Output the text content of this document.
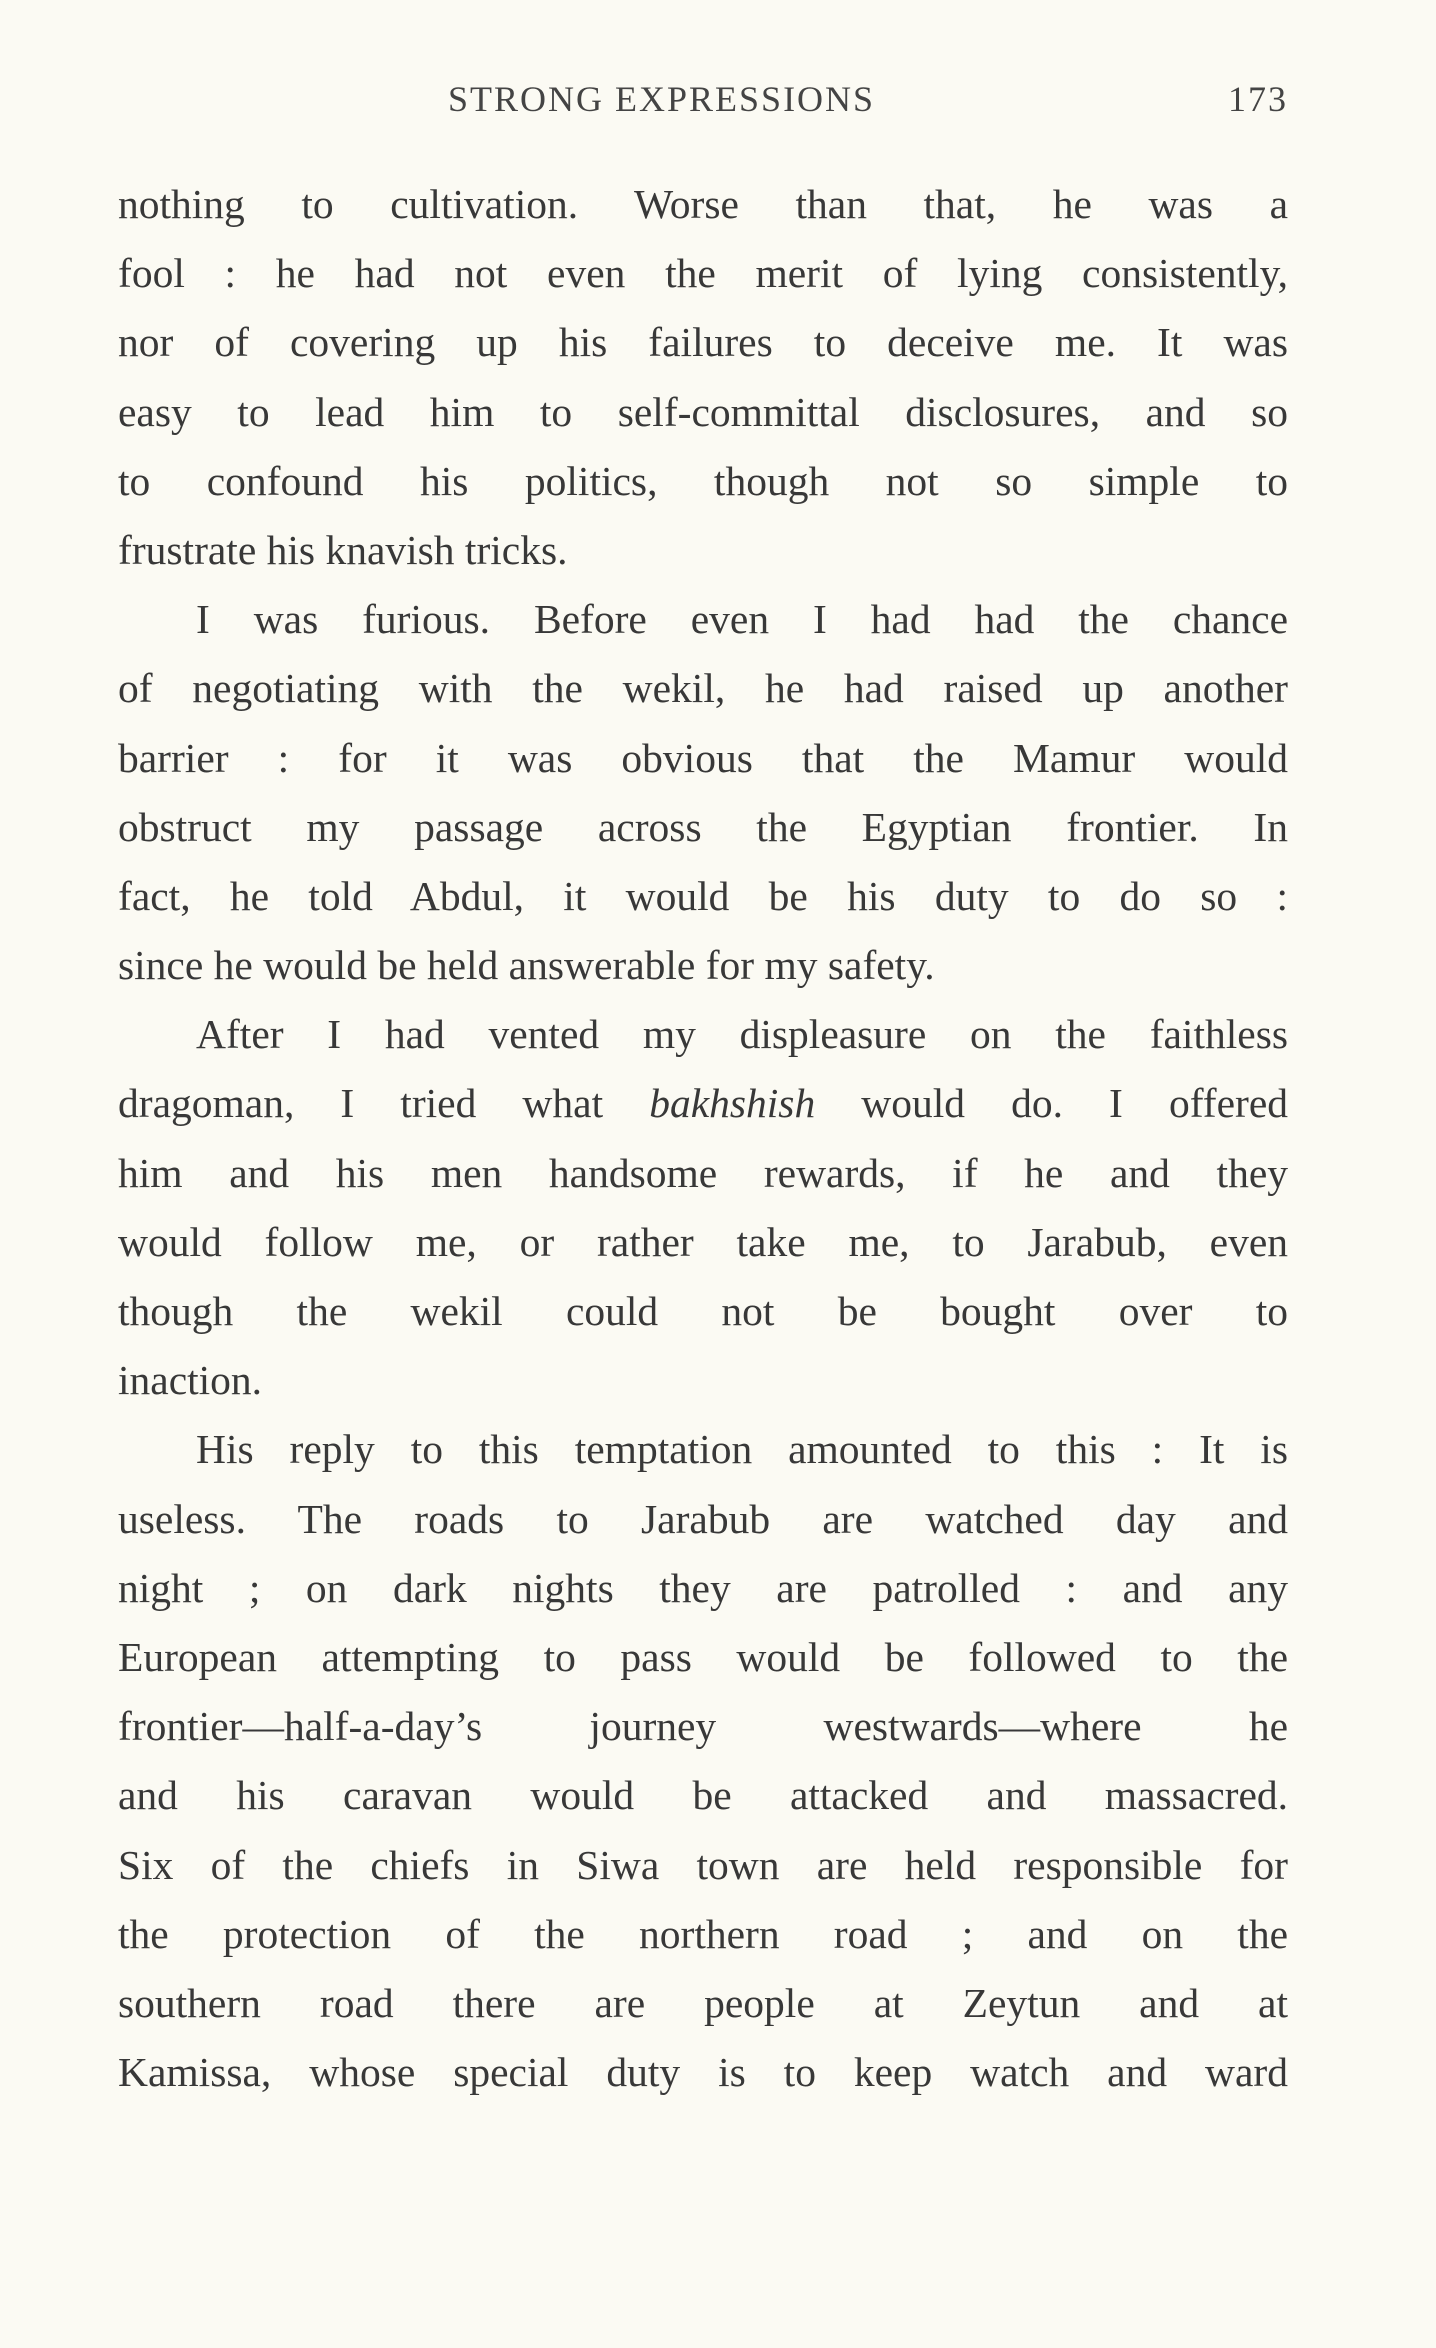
STRONG EXPRESSIONS	173
nothing to cultivation. Worse than that, he was a
fool : he had not even the merit of lying consistently,
nor of covering up his failures to deceive me. It was
easy to lead him to self-committal disclosures, and so
to confound his politics, though not so simple to
frustrate his knavish tricks.
I was furious. Before even I had had the chance
of negotiating with the wekil, he had raised up another
barrier : for it was obvious that the Mamur would
obstruct my passage across the Egyptian frontier. In
fact, he told Abdul, it would be his duty to do so :
since he would be held answerable for my safety.
After I had vented my displeasure on the faithless
dragoman, I tried what bakhshish would do. I offered
him and his men handsome rewards, if he and they
would follow me, or rather take me, to Jarabub, even
though the wekil could not be bought over to
inaction.
His reply to this temptation amounted to this : It is
useless. The roads to Jarabub are watched day and
night ; on dark nights they are patrolled : and any
European attempting to pass would be followed to the
frontier—half-a-day’s journey westwards—where he
and his caravan would be attacked and massacred.
Six of the chiefs in Siwa town are held responsible for
the protection of the northern road ; and on the
southern road there are people at Zeytun and at
Kamissa, whose special duty is to keep watch and ward
